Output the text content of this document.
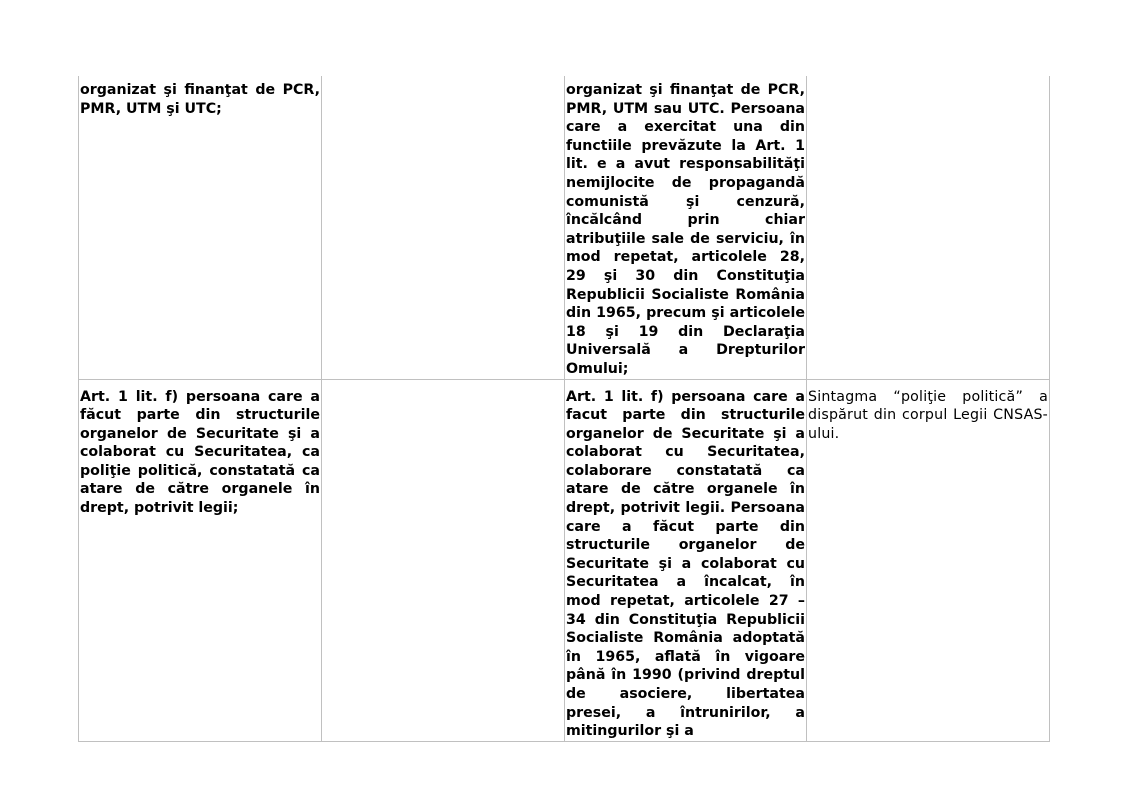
organizat şi finanţat de PCR, PMR, UTM şi UTC;		organizat şi finanţat de PCR, PMR, UTM sau UTC. Persoana care a exercitat una din functiile prevăzute la Art. 1 lit. e a avut responsabilităţi nemijlocite de propagandă comunistă şi cenzură, încălcând prin chiar atribuţiile sale de serviciu, în mod repetat, articolele 28, 29 şi 30 din Constituţia Republicii Socialiste România din 1965, precum şi articolele 18 şi 19 din Declaraţia Universală a Drepturilor Omului;	
Art. 1 lit. f) persoana care a făcut parte din structurile organelor de Securitate şi a colaborat cu Securitatea, ca poliţie politică, constatată ca atare de către organele în drept, potrivit legii;		Art. 1 lit. f) persoana care a facut parte din structurile organelor de Securitate şi a colaborat cu Securitatea, colaborare constatată ca atare de către organele în drept, potrivit legii. Persoana care a făcut parte din structurile organelor de Securitate şi a colaborat cu Securitatea a încalcat, în mod repetat, articolele 27 – 34 din Constituţia Republicii Socialiste România adoptată în 1965, aflată în vigoare până în 1990 (privind dreptul de asociere, libertatea presei, a întrunirilor, a mitingurilor şi a	Sintagma “poliţie politică” a dispărut din corpul Legii CNSAS-ului.
